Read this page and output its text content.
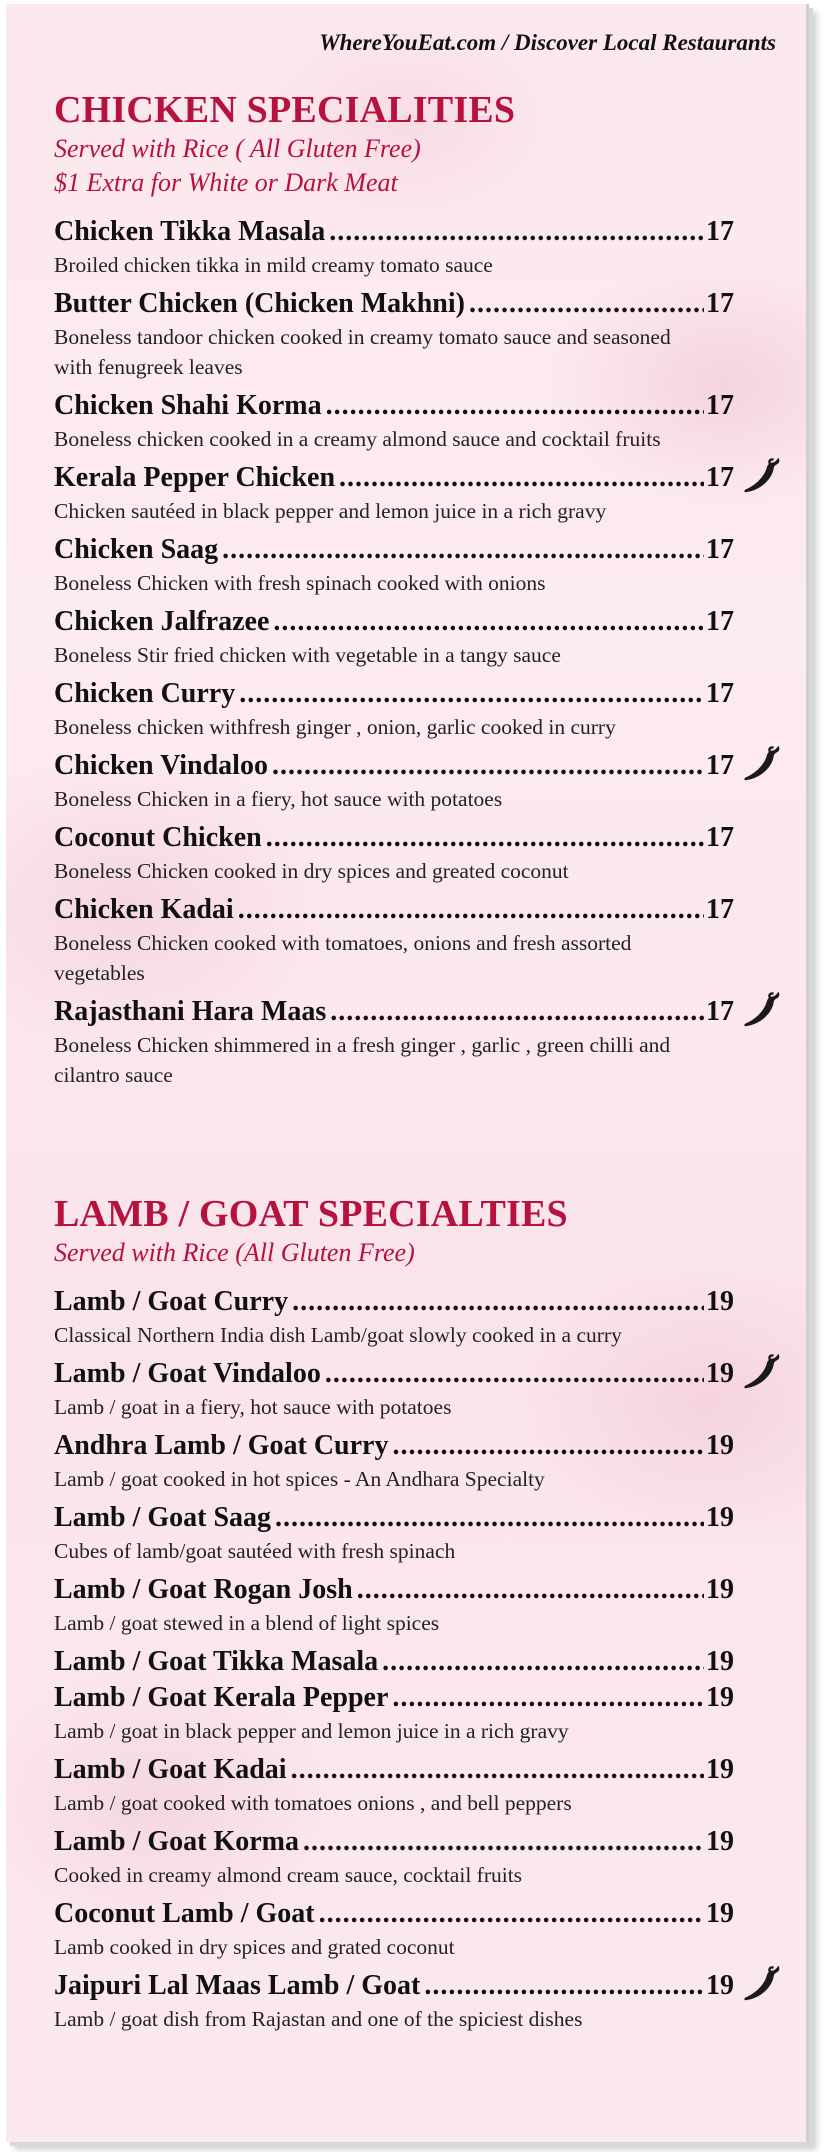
WhereYouEat.com / Discover Local Restaurants
CHICKEN SPECIALITIES

Served with Rice ( All Gluten Free)

$1 Extra for White or Dark Meat

Chicken Tikka Masala .....	17

Broiled chicken tikka in mild creamy tomato sauce

Butter Chicken (Chicken Makhni) .....	17

Boneless tandoor chicken cooked in creamy tomato sauce and seasoned with fenugreek leaves

Chicken Shahi Korma .....	17

Boneless chicken cooked in a creamy almond sauce and cocktail fruits

Kerala Pepper Chicken .....	17

Chicken sautéed in black pepper and lemon juice in a rich gravy

Chicken Saag .....	17

Boneless Chicken with fresh spinach cooked with onions

Chicken Jalfrazee .....	17

Boneless Stir fried chicken with vegetable in a tangy sauce

Chicken Curry .....	17

Boneless chicken withfresh ginger , onion, garlic cooked in curry

Chicken Vindaloo .....	17

Boneless Chicken in a fiery, hot sauce with potatoes

Coconut Chicken .....	17

Boneless Chicken cooked in dry spices and greated coconut

Chicken Kadai .....	17

Boneless Chicken cooked with tomatoes, onions and fresh assorted vegetables

Rajasthani Hara Maas .....	17

Boneless Chicken shimmered in a fresh ginger , garlic , green chilli and cilantro sauce

LAMB / GOAT SPECIALTIES

Served with Rice (All Gluten Free)

Lamb / Goat Curry .....	19

Classical Northern India dish Lamb/goat slowly cooked in a curry

Lamb / Goat Vindaloo .....	19

Lamb / goat in a fiery, hot sauce with potatoes

Andhra Lamb / Goat Curry .....	19

Lamb / goat cooked in hot spices - An Andhara Specialty

Lamb / Goat Saag .....	19

Cubes of lamb/goat sautéed with fresh spinach

Lamb / Goat Rogan Josh .....	19

Lamb / goat stewed in a blend of light spices

Lamb / Goat Tikka Masala .....	19
Lamb / Goat Kerala Pepper .....	19

Lamb / goat in black pepper and lemon juice in a rich gravy

Lamb / Goat Kadai .....	19

Lamb / goat cooked with tomatoes onions , and bell peppers

Lamb / Goat Korma .....	19

Cooked in creamy almond cream sauce, cocktail fruits

Coconut Lamb / Goat .....	19

Lamb cooked in dry spices and grated coconut

Jaipuri Lal Maas Lamb / Goat .....	19

Lamb / goat dish from Rajastan and one of the spiciest dishes
